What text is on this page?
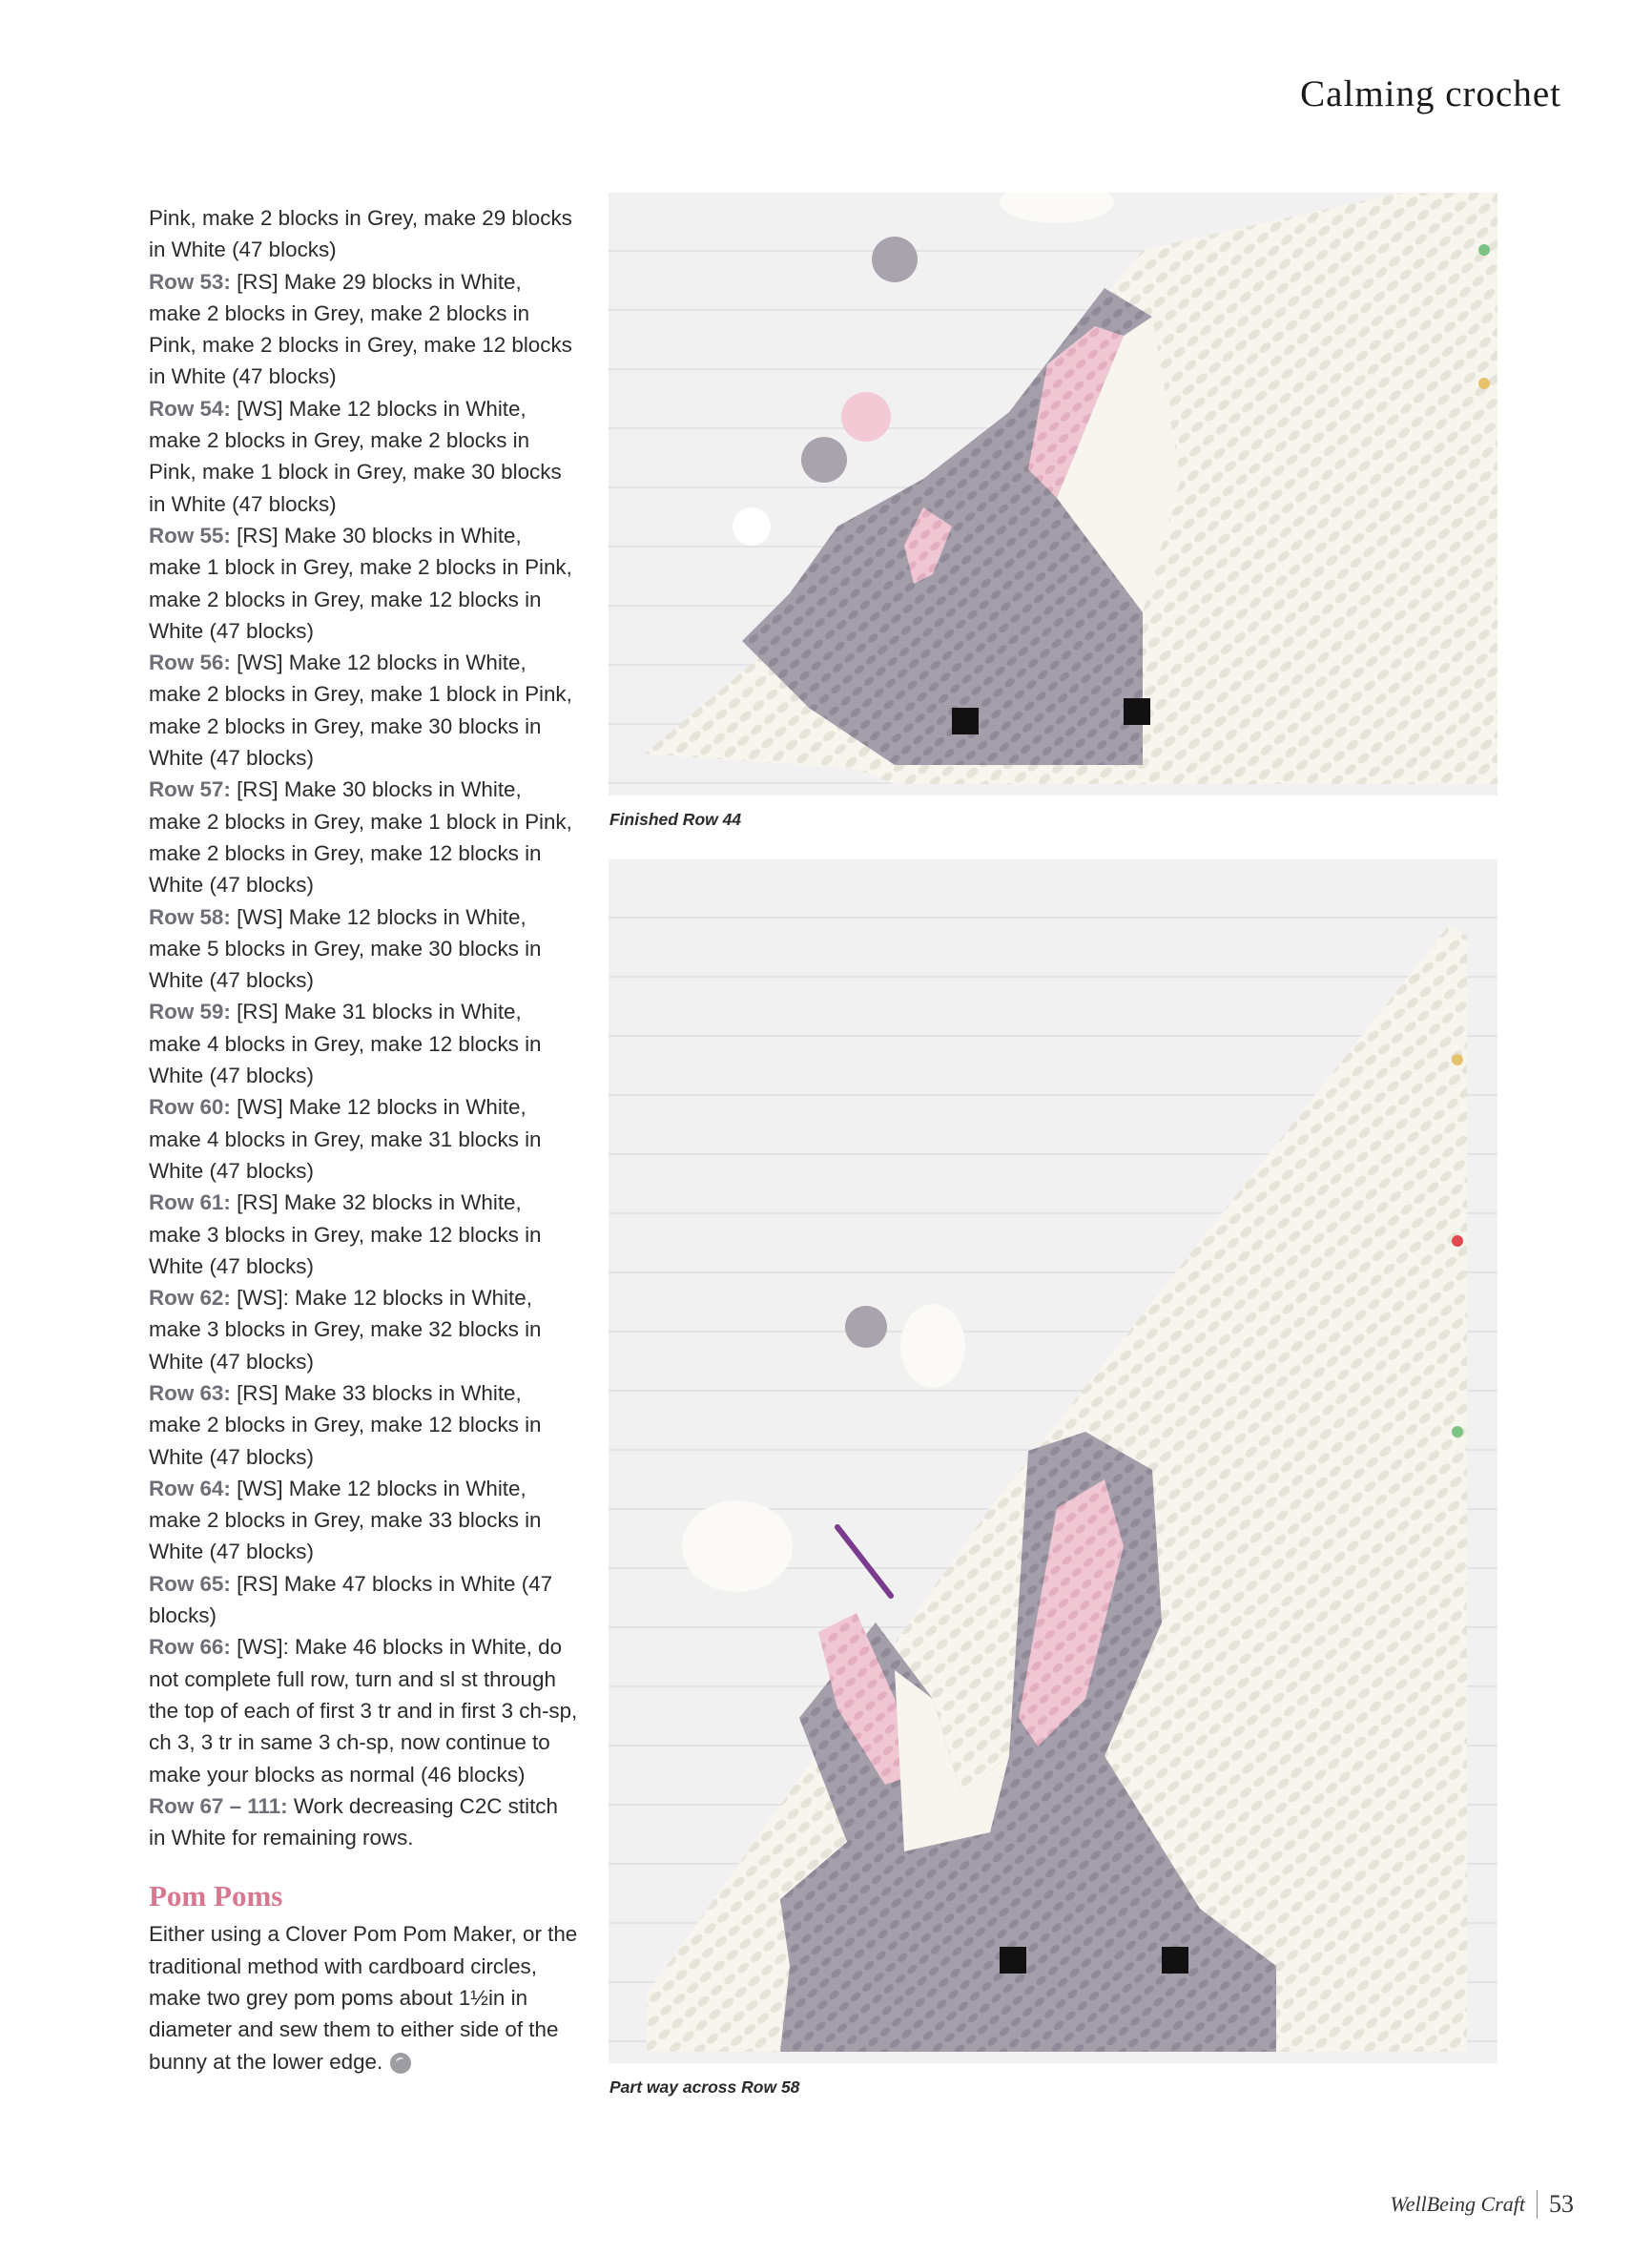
Calming crochet

Pink, make 2 blocks in Grey, make 29 blocks in White (47 blocks)

Row 53: [RS] Make 29 blocks in White, make 2 blocks in Grey, make 2 blocks in Pink, make 2 blocks in Grey, make 12 blocks in White (47 blocks)

Row 54: [WS] Make 12 blocks in White, make 2 blocks in Grey, make 2 blocks in Pink, make 1 block in Grey, make 30 blocks in White (47 blocks)

Row 55: [RS] Make 30 blocks in White, make 1 block in Grey, make 2 blocks in Pink, make 2 blocks in Grey, make 12 blocks in White (47 blocks)

Row 56: [WS] Make 12 blocks in White, make 2 blocks in Grey, make 1 block in Pink, make 2 blocks in Grey, make 30 blocks in White (47 blocks)

Row 57: [RS] Make 30 blocks in White, make 2 blocks in Grey, make 1 block in Pink, make 2 blocks in Grey, make 12 blocks in White (47 blocks)

Row 58: [WS] Make 12 blocks in White, make 5 blocks in Grey, make 30 blocks in White (47 blocks)

Row 59: [RS] Make 31 blocks in White, make 4 blocks in Grey, make 12 blocks in White (47 blocks)

Row 60: [WS] Make 12 blocks in White, make 4 blocks in Grey, make 31 blocks in White (47 blocks)

Row 61: [RS] Make 32 blocks in White, make 3 blocks in Grey, make 12 blocks in White (47 blocks)

Row 62: [WS]: Make 12 blocks in White, make 3 blocks in Grey, make 32 blocks in White (47 blocks)

Row 63: [RS] Make 33 blocks in White, make 2 blocks in Grey, make 12 blocks in White (47 blocks)

Row 64: [WS] Make 12 blocks in White, make 2 blocks in Grey, make 33 blocks in White (47 blocks)

Row 65: [RS] Make 47 blocks in White (47 blocks)

Row 66: [WS]: Make 46 blocks in White, do not complete full row, turn and sl st through the top of each of first 3 tr and in first 3 ch-sp, ch 3, 3 tr in same 3 ch-sp, now continue to make your blocks as normal (46 blocks)

Row 67 – 111: Work decreasing C2C stitch in White for remaining rows.

Pom Poms

Either using a Clover Pom Pom Maker, or the traditional method with cardboard circles, make two grey pom poms about 1½in in diameter and sew them to either side of the bunny at the lower edge.

Finished Row 44
Part way across Row 58
WellBeing Craft 53
